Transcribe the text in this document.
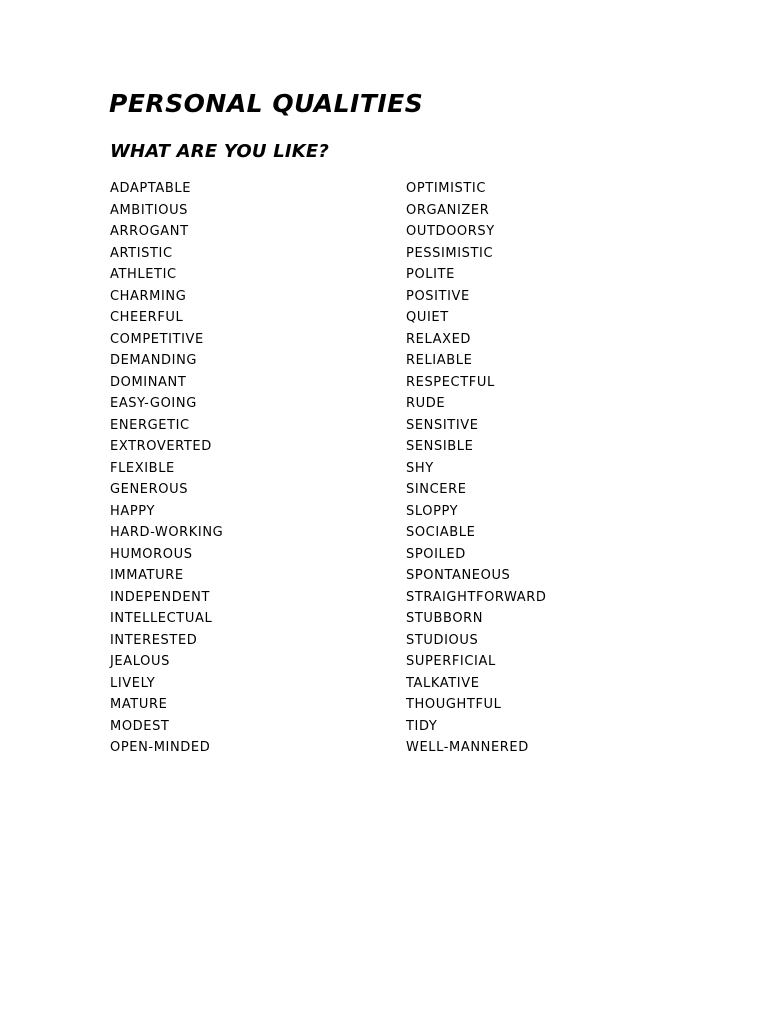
PERSONAL QUALITIES
WHAT ARE YOU LIKE?
ADAPTABLE
AMBITIOUS
ARROGANT
ARTISTIC
ATHLETIC
CHARMING
CHEERFUL
COMPETITIVE
DEMANDING
DOMINANT
EASY-GOING
ENERGETIC
EXTROVERTED
FLEXIBLE
GENEROUS
HAPPY
HARD-WORKING
HUMOROUS
IMMATURE
INDEPENDENT
INTELLECTUAL
INTERESTED
JEALOUS
LIVELY
MATURE
MODEST
OPEN-MINDED
OPTIMISTIC
ORGANIZER
OUTDOORSY
PESSIMISTIC
POLITE
POSITIVE
QUIET
RELAXED
RELIABLE
RESPECTFUL
RUDE
SENSITIVE
SENSIBLE
SHY
SINCERE
SLOPPY
SOCIABLE
SPOILED
SPONTANEOUS
STRAIGHTFORWARD
STUBBORN
STUDIOUS
SUPERFICIAL
TALKATIVE
THOUGHTFUL
TIDY
WELL-MANNERED
